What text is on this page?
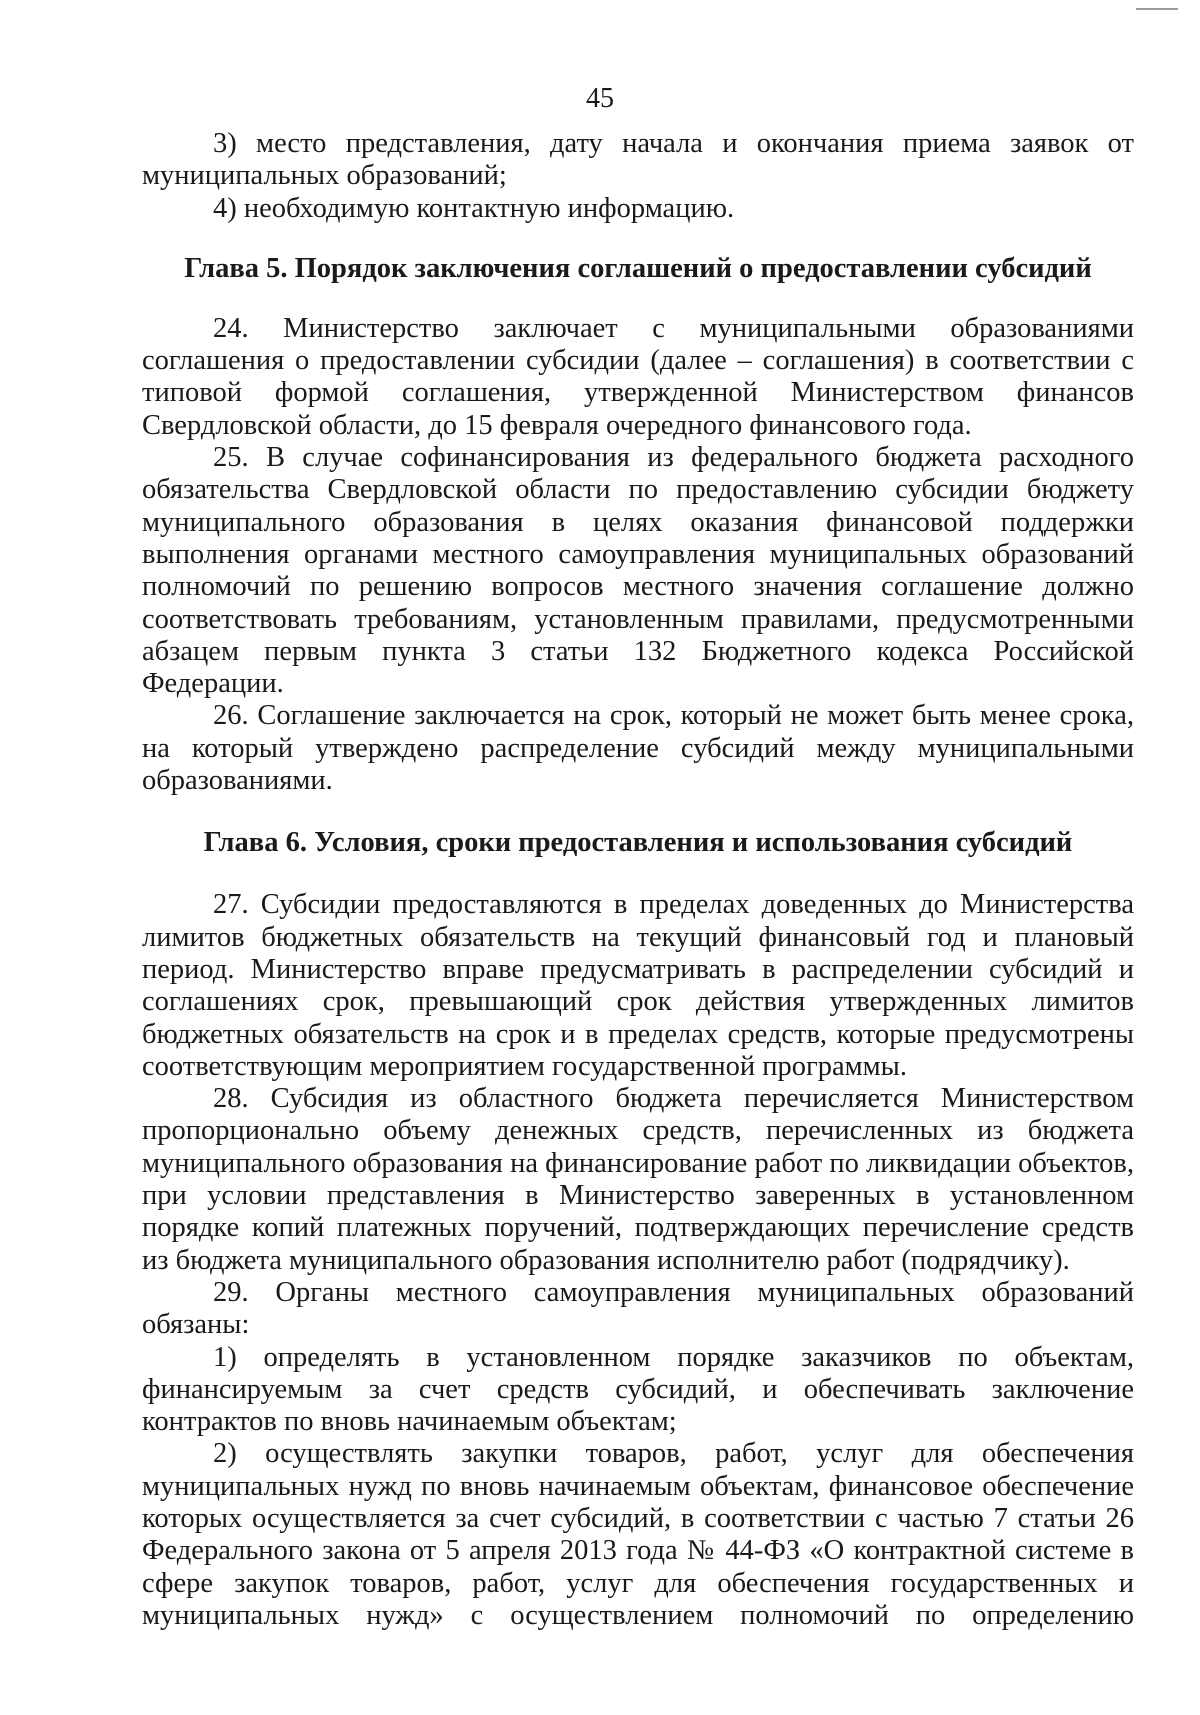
45

3) место представления, дату начала и окончания приема заявок от муниципальных образований;

4) необходимую контактную информацию.

Глава 5. Порядок заключения соглашений о предоставлении субсидий

24. Министерство заключает с муниципальными образованиями соглашения о предоставлении субсидии (далее – соглашения) в соответствии с типовой формой соглашения, утвержденной Министерством финансов Свердловской области, до 15 февраля очередного финансового года.

25. В случае софинансирования из федерального бюджета расходного обязательства Свердловской области по предоставлению субсидии бюджету муниципального образования в целях оказания финансовой поддержки выполнения органами местного самоуправления муниципальных образований полномочий по решению вопросов местного значения соглашение должно соответствовать требованиям, установленным правилами, предусмотренными абзацем первым пункта 3 статьи 132 Бюджетного кодекса Российской Федерации.

26. Соглашение заключается на срок, который не может быть менее срока, на который утверждено распределение субсидий между муниципальными образованиями.

Глава 6. Условия, сроки предоставления и использования субсидий

27. Субсидии предоставляются в пределах доведенных до Министерства лимитов бюджетных обязательств на текущий финансовый год и плановый период. Министерство вправе предусматривать в распределении субсидий и соглашениях срок, превышающий срок действия утвержденных лимитов бюджетных обязательств на срок и в пределах средств, которые предусмотрены соответствующим мероприятием государственной программы.

28. Субсидия из областного бюджета перечисляется Министерством пропорционально объему денежных средств, перечисленных из бюджета муниципального образования на финансирование работ по ликвидации объектов, при условии представления в Министерство заверенных в установленном порядке копий платежных поручений, подтверждающих перечисление средств из бюджета муниципального образования исполнителю работ (подрядчику).

29. Органы местного самоуправления муниципальных образований обязаны:

1) определять в установленном порядке заказчиков по объектам, финансируемым за счет средств субсидий, и обеспечивать заключение контрактов по вновь начинаемым объектам;

2) осуществлять закупки товаров, работ, услуг для обеспечения муниципальных нужд по вновь начинаемым объектам, финансовое обеспечение которых осуществляется за счет субсидий, в соответствии с частью 7 статьи 26 Федерального закона от 5 апреля 2013 года № 44-ФЗ «О контрактной системе в сфере закупок товаров, работ, услуг для обеспечения государственных и муниципальных нужд» с осуществлением полномочий по определению
